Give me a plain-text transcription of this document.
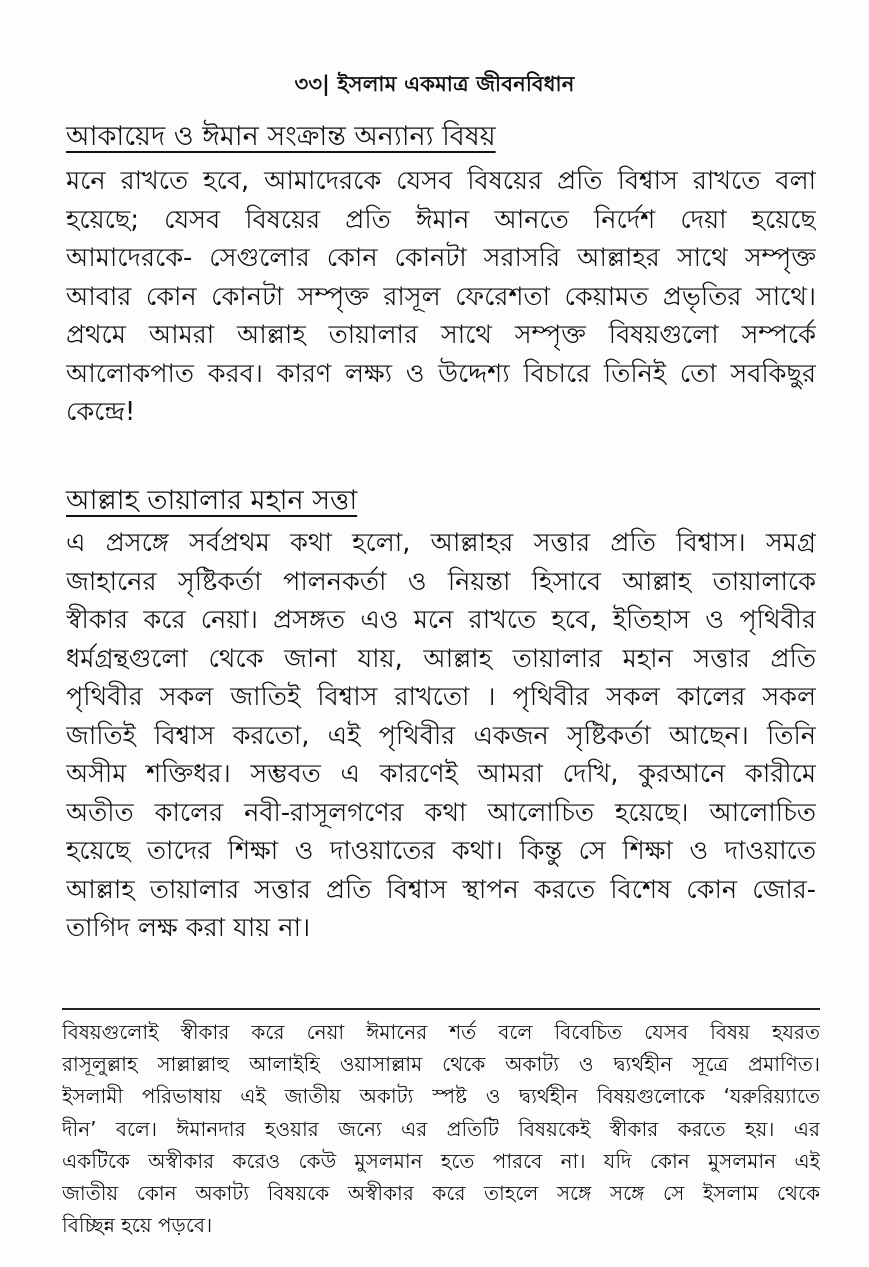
৩৩| ইসলাম একমাত্র জীবনবিধান
আকায়েদ ও ঈমান সংক্রান্ত অন্যান্য বিষয়
মনে রাখতে হবে, আমাদেরকে যেসব বিষয়ের প্রতি বিশ্বাস রাখতে বলা
হয়েছে; যেসব বিষয়ের প্রতি ঈমান আনতে নির্দেশ দেয়া হয়েছে
আমাদেরকে- সেগুলোর কোন কোনটা সরাসরি আল্লাহর সাথে সম্পৃক্ত
আবার কোন কোনটা সম্পৃক্ত রাসূল ফেরেশতা কেয়ামত প্রভৃতির সাথে।
প্রথমে আমরা আল্লাহ তায়ালার সাথে সম্পৃক্ত বিষয়গুলো সম্পর্কে
আলোকপাত করব। কারণ লক্ষ্য ও উদ্দেশ্য বিচারে তিনিই তো সবকিছুর
কেন্দ্রে!
আল্লাহ তায়ালার মহান সত্তা
এ প্রসঙ্গে সর্বপ্রথম কথা হলো, আল্লাহর সত্তার প্রতি বিশ্বাস। সমগ্র
জাহানের সৃষ্টিকর্তা পালনকর্তা ও নিয়ন্তা হিসাবে আল্লাহ তায়ালাকে
স্বীকার করে নেয়া। প্রসঙ্গত এও মনে রাখতে হবে, ইতিহাস ও পৃথিবীর
ধর্মগ্রন্থগুলো থেকে জানা যায়, আল্লাহ তায়ালার মহান সত্তার প্রতি
পৃথিবীর সকল জাতিই বিশ্বাস রাখতো । পৃথিবীর সকল কালের সকল
জাতিই বিশ্বাস করতো, এই পৃথিবীর একজন সৃষ্টিকর্তা আছেন। তিনি
অসীম শক্তিধর। সম্ভবত এ কারণেই আমরা দেখি, কুরআনে কারীমে
অতীত কালের নবী-রাসূলগণের কথা আলোচিত হয়েছে। আলোচিত
হয়েছে তাদের শিক্ষা ও দাওয়াতের কথা। কিন্তু সে শিক্ষা ও দাওয়াতে
আল্লাহ তায়ালার সত্তার প্রতি বিশ্বাস স্থাপন করতে বিশেষ কোন জোর-
তাগিদ লক্ষ করা যায় না।
বিষয়গুলোই স্বীকার করে নেয়া ঈমানের শর্ত বলে বিবেচিত যেসব বিষয় হযরত
রাসূলুল্লাহ সাল্লাল্লাহু আলাইহি ওয়াসাল্লাম থেকে অকাট্য ও দ্ব্যর্থহীন সূত্রে প্রমাণিত।
ইসলামী পরিভাষায় এই জাতীয় অকাট্য স্পষ্ট ও দ্ব্যর্থহীন বিষয়গুলোকে ‘যরুরিয়্যাতে
দীন’ বলে। ঈমানদার হওয়ার জন্যে এর প্রতিটি বিষয়কেই স্বীকার করতে হয়। এর
একটিকে অস্বীকার করেও কেউ মুসলমান হতে পারবে না। যদি কোন মুসলমান এই
জাতীয় কোন অকাট্য বিষয়কে অস্বীকার করে তাহলে সঙ্গে সঙ্গে সে ইসলাম থেকে
বিচ্ছিন্ন হয়ে পড়বে।
